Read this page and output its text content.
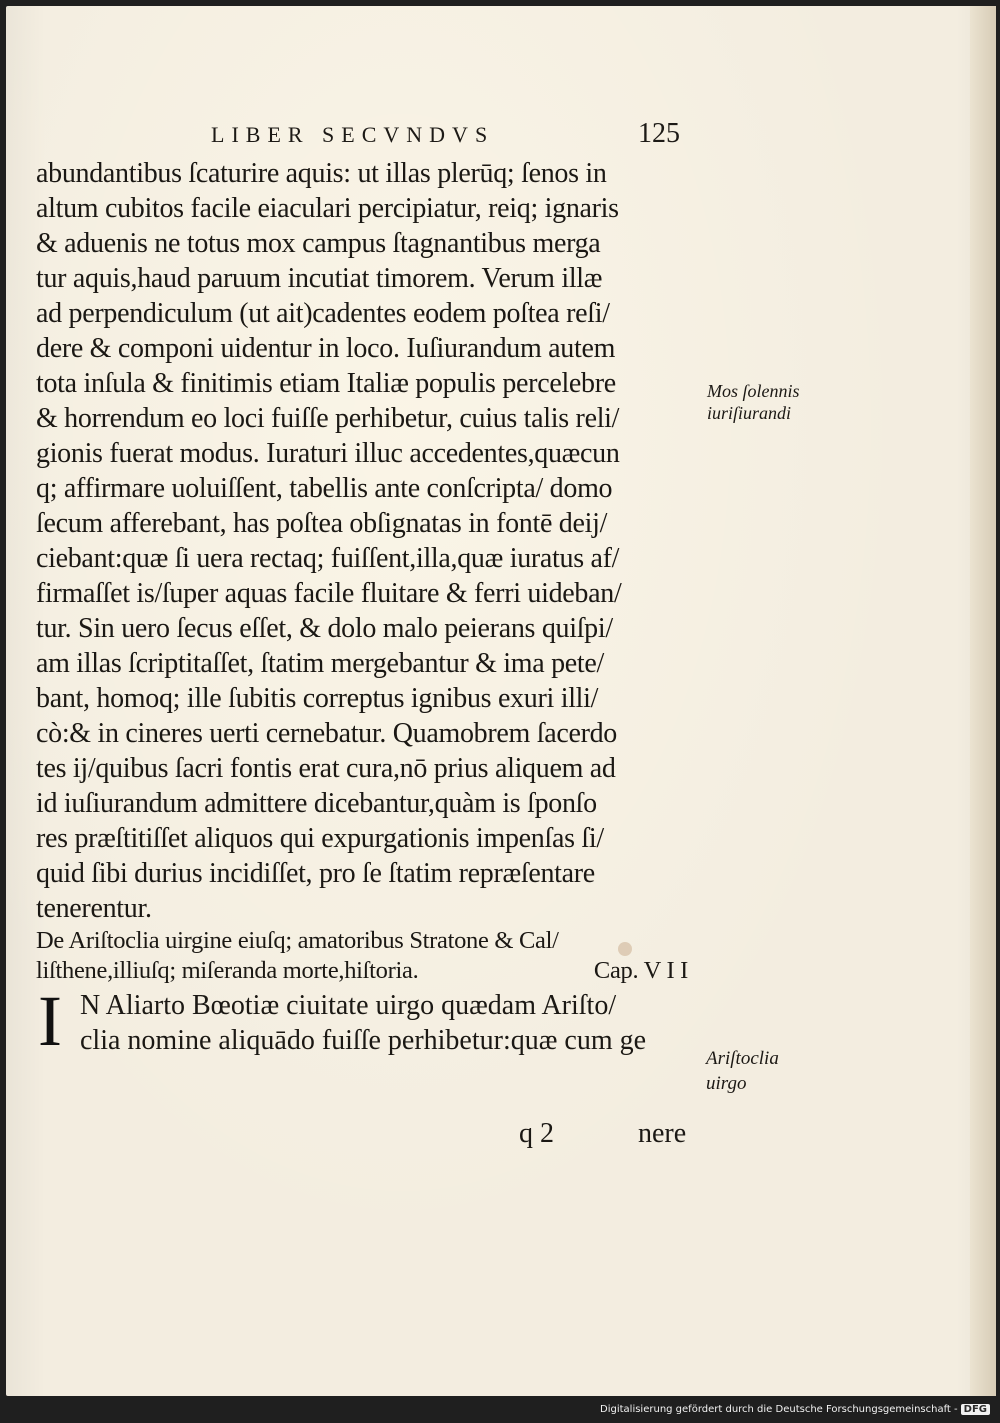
LIBER SECVNDVS	125
abundantibus ſcaturire aquis: ut illas plerūq; ſenos in
altum cubitos facile eiaculari percipiatur, reiq; ignaris
& aduenis ne totus mox campus ſtagnantibus merga
tur aquis,haud paruum incutiat timorem. Verum illæ
ad perpendiculum (ut ait)cadentes eodem poſtea reſi/
dere & componi uidentur in loco. Iuſiurandum autem
tota inſula & finitimis etiam Italiæ populis percelebre
& horrendum eo loci fuiſſe perhibetur, cuius talis reli/
gionis fuerat modus. Iuraturi illuc accedentes,quæcun
q; affirmare uoluiſſent, tabellis ante conſcripta/ domo
ſecum afferebant, has poſtea obſignatas in fontē deij/
ciebant:quæ ſi uera rectaq; fuiſſent,illa,quæ iuratus af/
firmaſſet is/ſuper aquas facile fluitare & ferri uideban/
tur. Sin uero ſecus eſſet, & dolo malo peierans quiſpi/
am illas ſcriptitaſſet, ſtatim mergebantur & ima pete/
bant, homoq; ille ſubitis correptus ignibus exuri illi/
cò:& in cineres uerti cernebatur. Quamobrem ſacerdo
tes ij/quibus ſacri fontis erat cura,nō prius aliquem ad
id iuſiurandum admittere dicebantur,quàm is ſponſo
res præſtitiſſet aliquos qui expurgationis impenſas ſi/
quid ſibi durius incidiſſet, pro ſe ſtatim repræſentare
tenerentur.
De Ariſtoclia uirgine eiuſq; amatoribus Stratone & Cal/
liſthene,illiuſq; miſeranda morte,hiſtoria.	Cap. V I I
I N Aliarto Bœotiæ ciuitate uirgo quædam Ariſto/
clia nomine aliquādo fuiſſe perhibetur:quæ cum ge
Mos ſolennis
iuriſiurandi
Ariſtoclia
uirgo
q 2	nere
Digitalisierung gefördert durch die Deutsche Forschungsgemeinschaft - DFG
